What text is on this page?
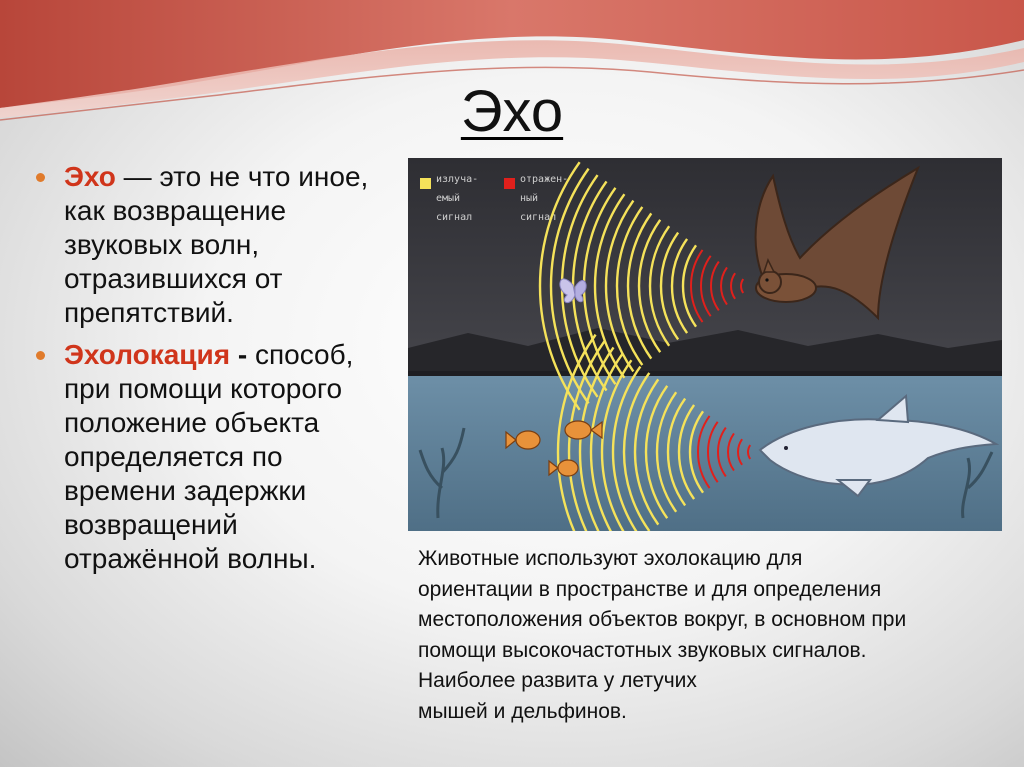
Эхо
Эхо — это не что иное, как возвращение звуковых волн, отразившихся от препятствий.
Эхолокация - способ, при помощи которого положение объекта определяется по времени задержки возвращений отражённой волны.
излуча-
емый
сигнал
отражен-
ный
сигнал
Животные используют эхолокацию для
ориентации в пространстве и для определения
местоположения объектов вокруг, в основном при
помощи высокочастотных звуковых сигналов.
Наиболее развита у летучих
мышей и дельфинов.
